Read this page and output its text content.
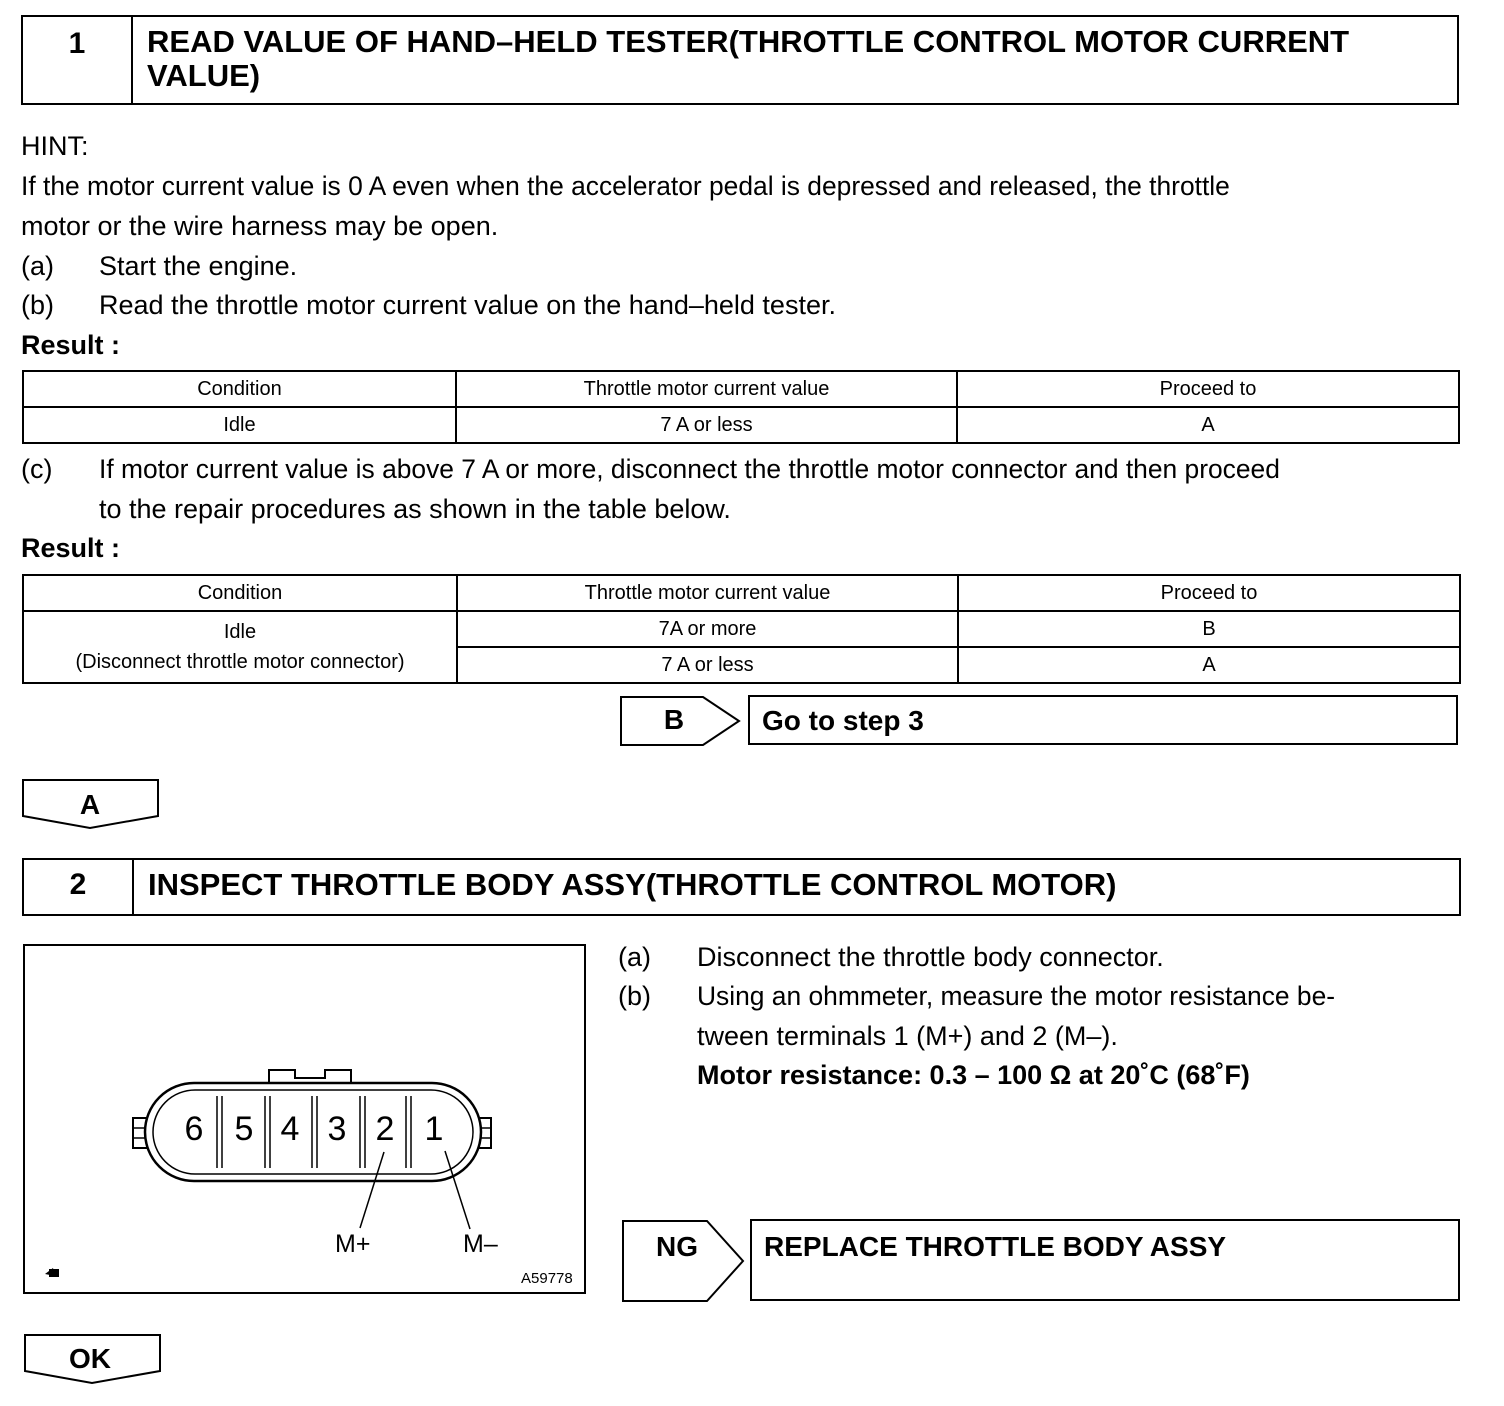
1	READ VALUE OF HAND–HELD TESTER(THROTTLE CONTROL MOTOR CURRENT VALUE)
HINT:
If the motor current value is 0 A even when the accelerator pedal is depressed and released, the throttle
motor or the wire harness may be open.
(a) Start the engine.
(b) Read the throttle motor current value on the hand–held tester.
Result :
Condition	Throttle motor current value	Proceed to
Idle	7 A or less	A
(c) If motor current value is above 7 A or more, disconnect the throttle motor connector and then proceed
to the repair procedures as shown in the table below.
Result :
Condition	Throttle motor current value	Proceed to

Idle
(Disconnect throttle motor connector)	7A or more	B
	7 A or less	A
B	Go to step 3
A
2	INSPECT THROTTLE BODY ASSY(THROTTLE CONTROL MOTOR)
6 5 4 3 2 1
M+	M–
A59778
(a) Disconnect the throttle body connector.
(b) Using an ohmmeter, measure the motor resistance be-
tween terminals 1 (M+) and 2 (M–).
Motor resistance: 0.3 – 100 Ω at 20˚C (68˚F)
NG	REPLACE THROTTLE BODY ASSY
OK
